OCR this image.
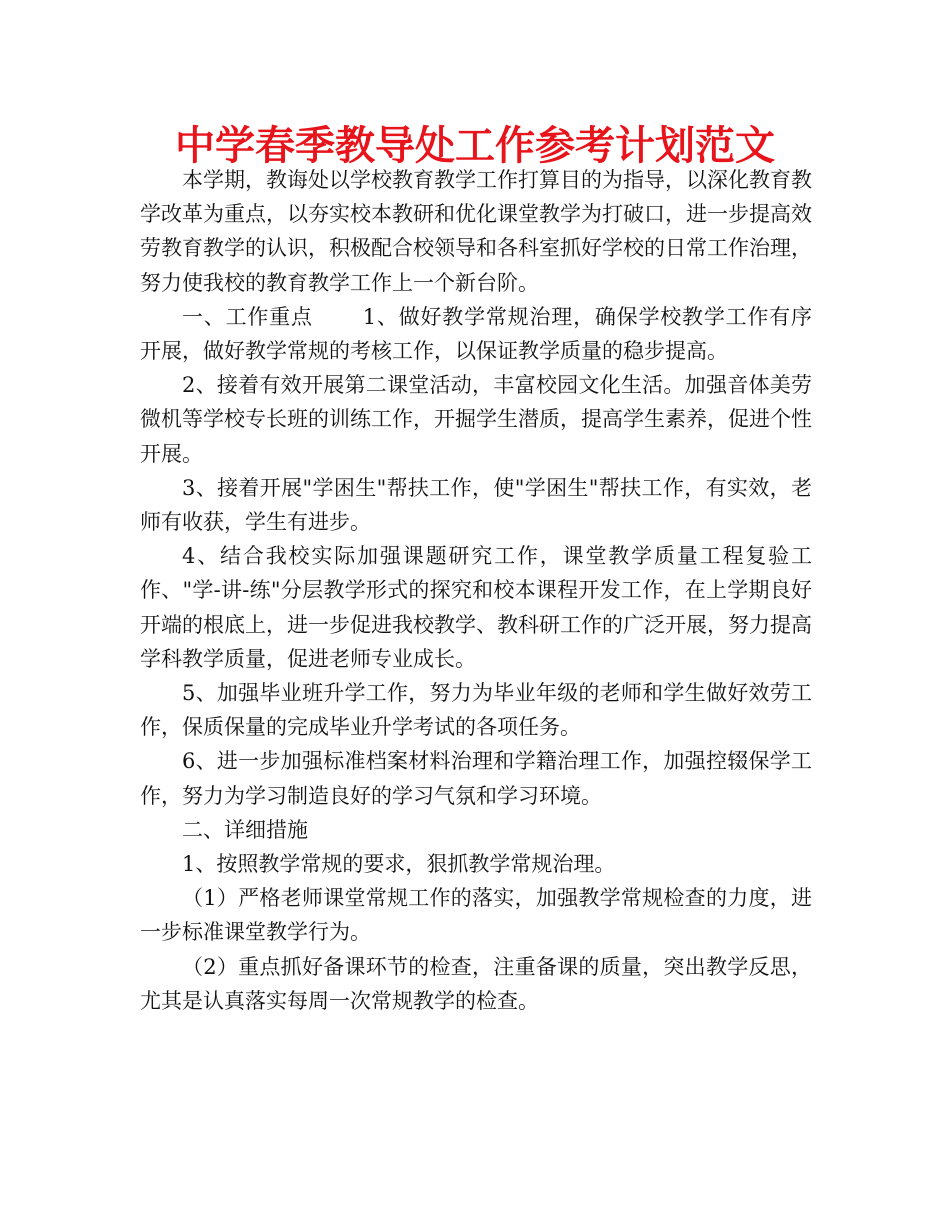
中学春季教导处工作参考计划范文

本学期，教诲处以学校教育教学工作打算目的为指导，以深化教育教学改革为重点，以夯实校本教研和优化课堂教学为打破口，进一步提高效劳教育教学的认识，积极配合校领导和各科室抓好学校的日常工作治理，努力使我校的教育教学工作上一个新台阶。

一、工作重点 1、做好教学常规治理，确保学校教学工作有序开展，做好教学常规的考核工作，以保证教学质量的稳步提高。

2、接着有效开展第二课堂活动，丰富校园文化生活。加强音体美劳微机等学校专长班的训练工作，开掘学生潜质，提高学生素养，促进个性开展。

3、接着开展"学困生"帮扶工作，使"学困生"帮扶工作，有实效，老师有收获，学生有进步。

4、结合我校实际加强课题研究工作，课堂教学质量工程复验工作、"学-讲-练"分层教学形式的探究和校本课程开发工作，在上学期良好开端的根底上，进一步促进我校教学、教科研工作的广泛开展，努力提高学科教学质量，促进老师专业成长。

5、加强毕业班升学工作，努力为毕业年级的老师和学生做好效劳工作，保质保量的完成毕业升学考试的各项任务。

6、进一步加强标准档案材料治理和学籍治理工作，加强控辍保学工作，努力为学习制造良好的学习气氛和学习环境。

二、详细措施

1、按照教学常规的要求，狠抓教学常规治理。

（1）严格老师课堂常规工作的落实，加强教学常规检查的力度，进一步标准课堂教学行为。

（2）重点抓好备课环节的检查，注重备课的质量，突出教学反思，尤其是认真落实每周一次常规教学的检查。
